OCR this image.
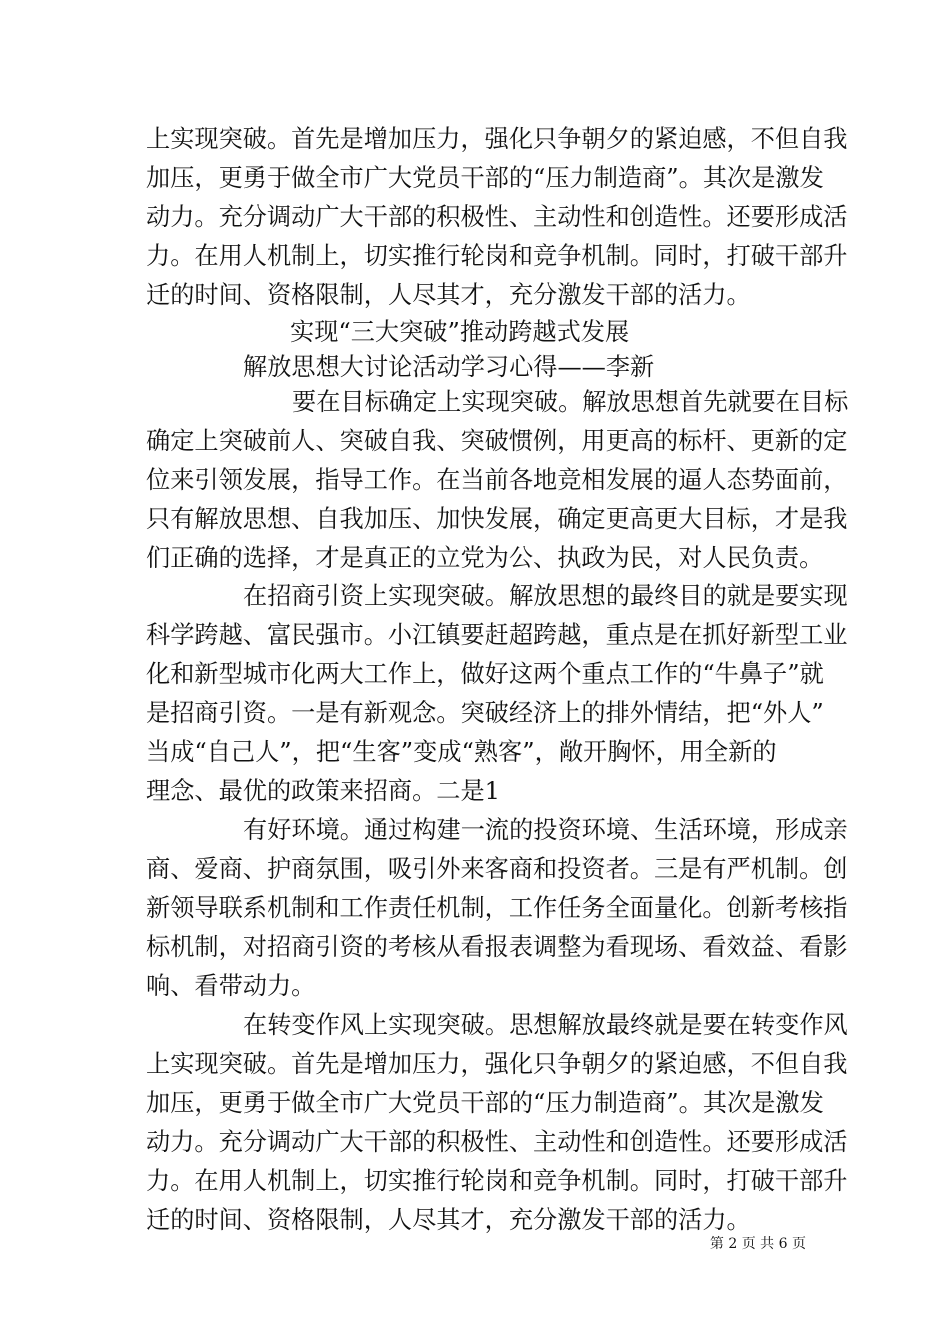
上实现突破。首先是增加压力，强化只争朝夕的紧迫感，不但自我
加压，更勇于做全市广大党员干部的“压力制造商”。其次是激发
动力。充分调动广大干部的积极性、主动性和创造性。还要形成活
力。在用人机制上，切实推行轮岗和竞争机制。同时，打破干部升
迁的时间、资格限制，人尽其才，充分激发干部的活力。
实现“三大突破”推动跨越式发展
解放思想大讨论活动学习心得——李新
要在目标确定上实现突破。解放思想首先就要在目标
确定上突破前人、突破自我、突破惯例，用更高的标杆、更新的定
位来引领发展，指导工作。在当前各地竞相发展的逼人态势面前，
只有解放思想、自我加压、加快发展，确定更高更大目标，才是我
们正确的选择，才是真正的立党为公、执政为民，对人民负责。
在招商引资上实现突破。解放思想的最终目的就是要实现
科学跨越、富民强市。小江镇要赶超跨越，重点是在抓好新型工业
化和新型城市化两大工作上，做好这两个重点工作的“牛鼻子”就
是招商引资。一是有新观念。突破经济上的排外情结，把“外人”
当成“自己人”，把“生客”变成“熟客”，敞开胸怀，用全新的
理念、最优的政策来招商。二是1
有好环境。通过构建一流的投资环境、生活环境，形成亲
商、爱商、护商氛围，吸引外来客商和投资者。三是有严机制。创
新领导联系机制和工作责任机制，工作任务全面量化。创新考核指
标机制，对招商引资的考核从看报表调整为看现场、看效益、看影
响、看带动力。
在转变作风上实现突破。思想解放最终就是要在转变作风
上实现突破。首先是增加压力，强化只争朝夕的紧迫感，不但自我
加压，更勇于做全市广大党员干部的“压力制造商”。其次是激发
动力。充分调动广大干部的积极性、主动性和创造性。还要形成活
力。在用人机制上，切实推行轮岗和竞争机制。同时，打破干部升
迁的时间、资格限制，人尽其才，充分激发干部的活力。
第 2 页 共 6 页
